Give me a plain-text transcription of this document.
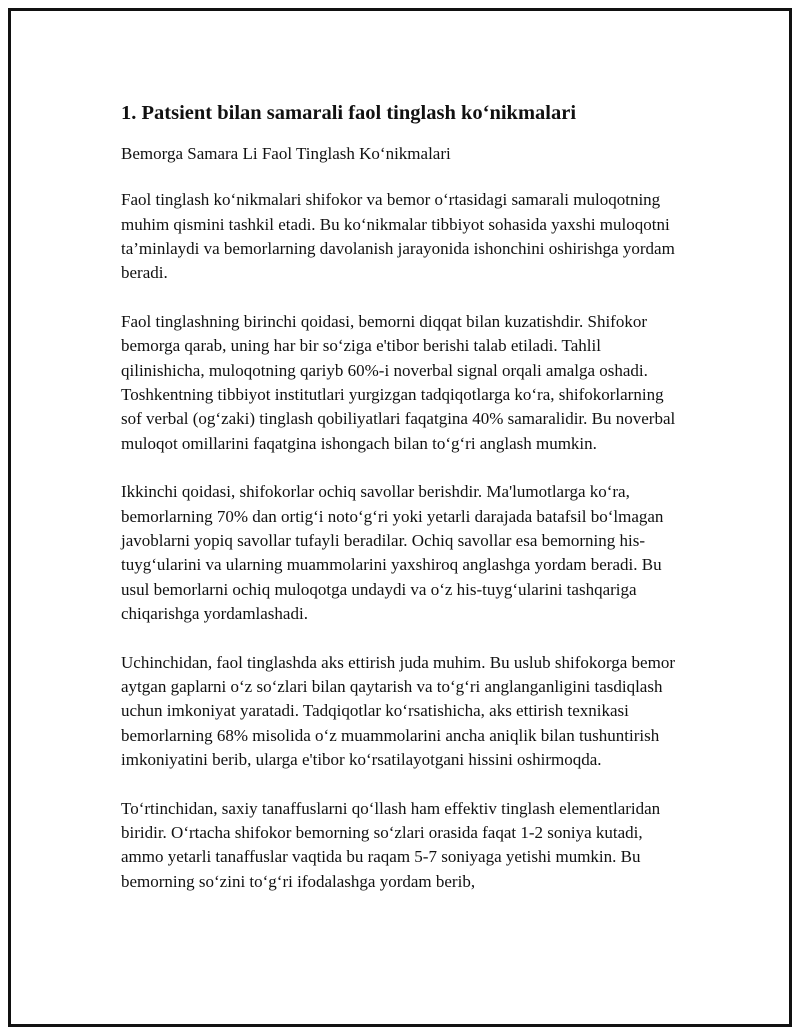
1. Patsient bilan samarali faol tinglash ko‘nikmalari
Bemorga Samara Li Faol Tinglash Ko‘nikmalari

Faol tinglash ko‘nikmalari shifokor va bemor o‘rtasidagi samarali muloqotning muhim qismini tashkil etadi. Bu ko‘nikmalar tibbiyot sohasida yaxshi muloqotni ta’minlaydi va bemorlarning davolanish jarayonida ishonchini oshirishga yordam beradi.

Faol tinglashning birinchi qoidasi, bemorni diqqat bilan kuzatishdir. Shifokor bemorga qarab, uning har bir so‘ziga e'tibor berishi talab etiladi. Tahlil qilinishicha, muloqotning qariyb 60%-i noverbal signal orqali amalga oshadi. Toshkentning tibbiyot institutlari yurgizgan tadqiqotlarga ko‘ra, shifokorlarning sof verbal (og‘zaki) tinglash qobiliyatlari faqatgina 40% samaralidir. Bu noverbal muloqot omillarini faqatgina ishongach bilan to‘g‘ri anglash mumkin.

Ikkinchi qoidasi, shifokorlar ochiq savollar berishdir. Ma'lumotlarga ko‘ra, bemorlarning 70% dan ortig‘i noto‘g‘ri yoki yetarli darajada batafsil bo‘lmagan javoblarni yopiq savollar tufayli beradilar. Ochiq savollar esa bemorning his-tuyg‘ularini va ularning muammolarini yaxshiroq anglashga yordam beradi. Bu usul bemorlarni ochiq muloqotga undaydi va o‘z his-tuyg‘ularini tashqariga chiqarishga yordamlashadi.

Uchinchidan, faol tinglashda aks ettirish juda muhim. Bu uslub shifokorga bemor aytgan gaplarni o‘z so‘zlari bilan qaytarish va to‘g‘ri anglanganligini tasdiqlash uchun imkoniyat yaratadi. Tadqiqotlar ko‘rsatishicha, aks ettirish texnikasi bemorlarning 68% misolida o‘z muammolarini ancha aniqlik bilan tushuntirish imkoniyatini berib, ularga e'tibor ko‘rsatilayotgani hissini oshirmoqda.

To‘rtinchidan, saxiy tanaffuslarni qo‘llash ham effektiv tinglash elementlaridan biridir. O‘rtacha shifokor bemorning so‘zlari orasida faqat 1-2 soniya kutadi, ammo yetarli tanaffuslar vaqtida bu raqam 5-7 soniyaga yetishi mumkin. Bu bemorning so‘zini to‘g‘ri ifodalashga yordam berib,
